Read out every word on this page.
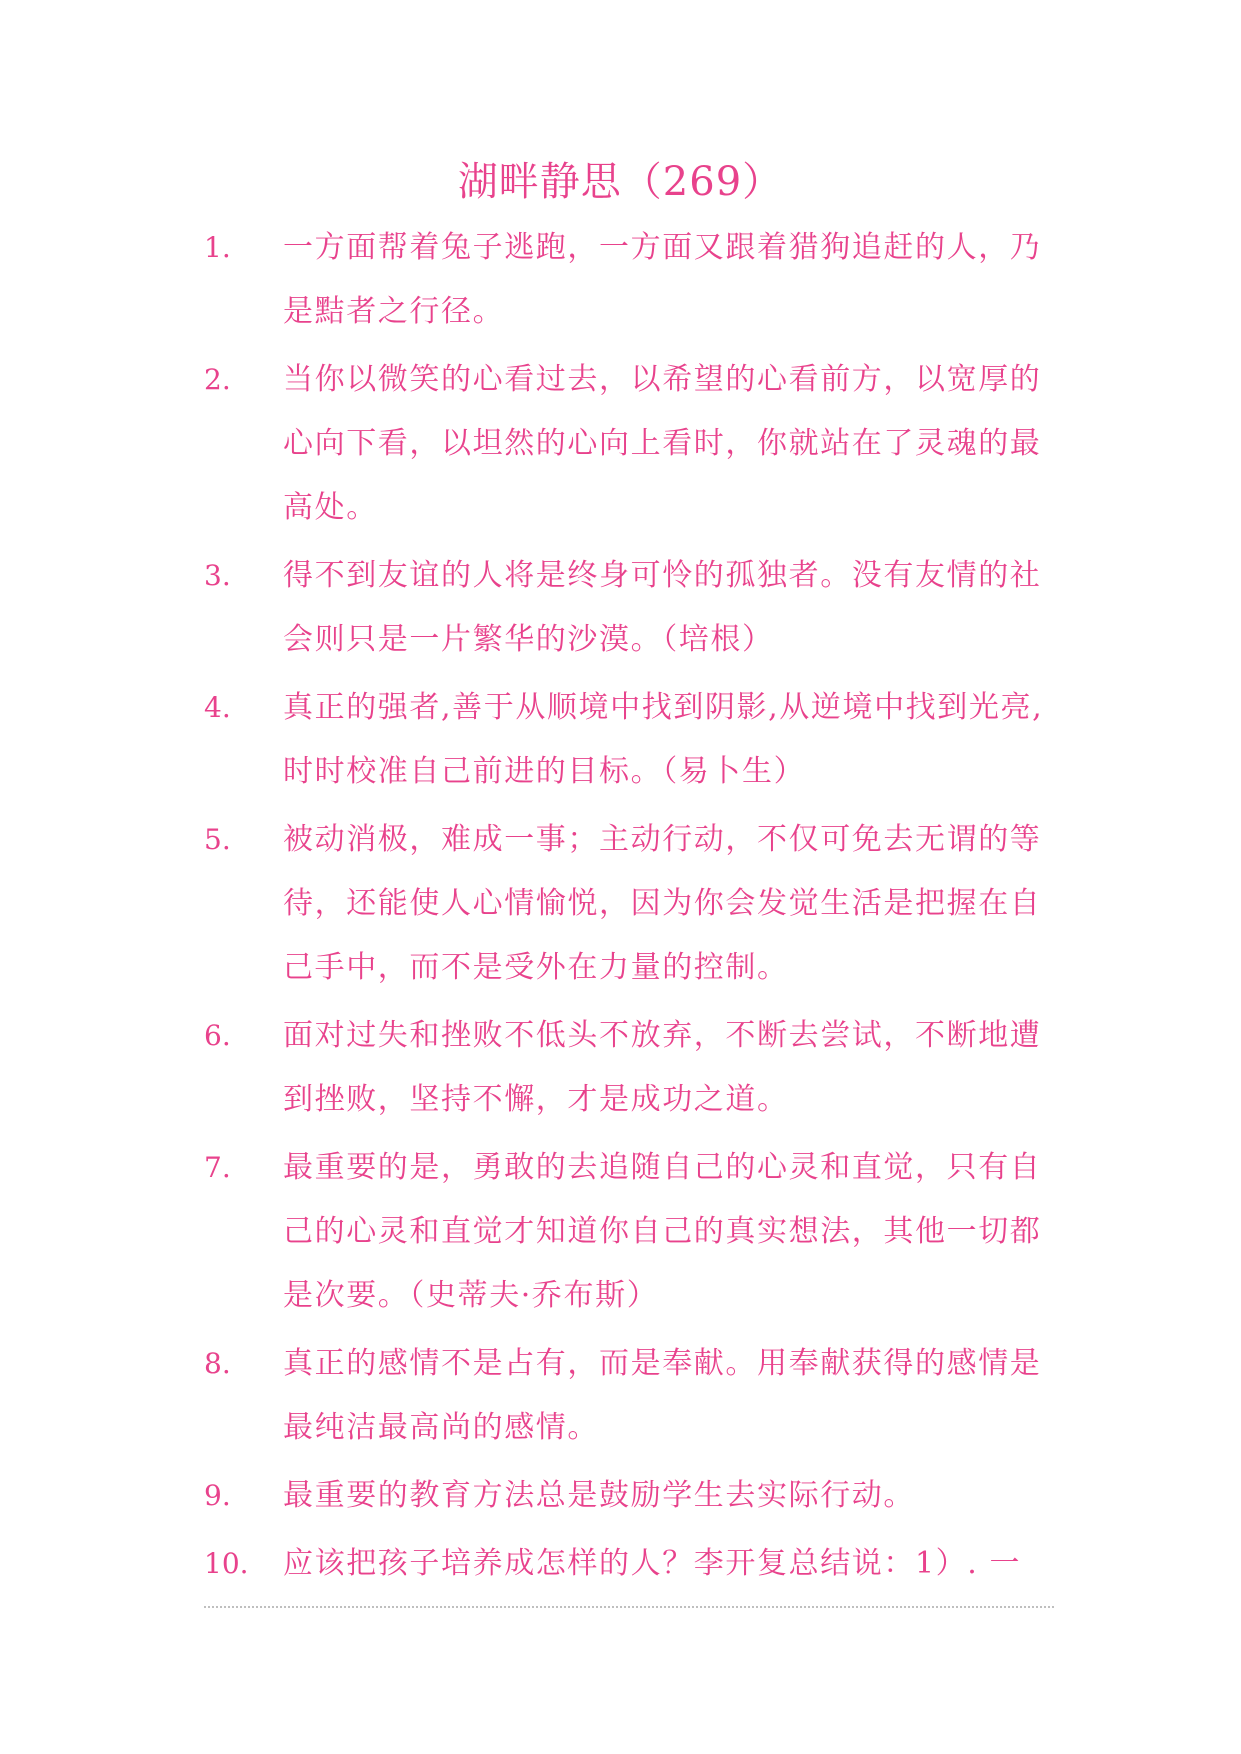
湖畔静思（269）
1. 一方面帮着兔子逃跑，一方面又跟着猎狗追赶的人，乃是黠者之行径。
2. 当你以微笑的心看过去，以希望的心看前方，以宽厚的心向下看，以坦然的心向上看时，你就站在了灵魂的最高处。
3. 得不到友谊的人将是终身可怜的孤独者。没有友情的社会则只是一片繁华的沙漠。（培根）
4. 真正的强者,善于从顺境中找到阴影,从逆境中找到光亮,时时校准自己前进的目标。（易卜生）
5. 被动消极，难成一事；主动行动，不仅可免去无谓的等待，还能使人心情愉悦，因为你会发觉生活是把握在自己手中，而不是受外在力量的控制。
6. 面对过失和挫败不低头不放弃，不断去尝试，不断地遭到挫败，坚持不懈，才是成功之道。
7. 最重要的是，勇敢的去追随自己的心灵和直觉，只有自己的心灵和直觉才知道你自己的真实想法，其他一切都是次要。（史蒂夫·乔布斯）
8. 真正的感情不是占有，而是奉献。用奉献获得的感情是最纯洁最高尚的感情。
9. 最重要的教育方法总是鼓励学生去实际行动。
10. 应该把孩子培养成怎样的人？李开复总结说：1）. 一
